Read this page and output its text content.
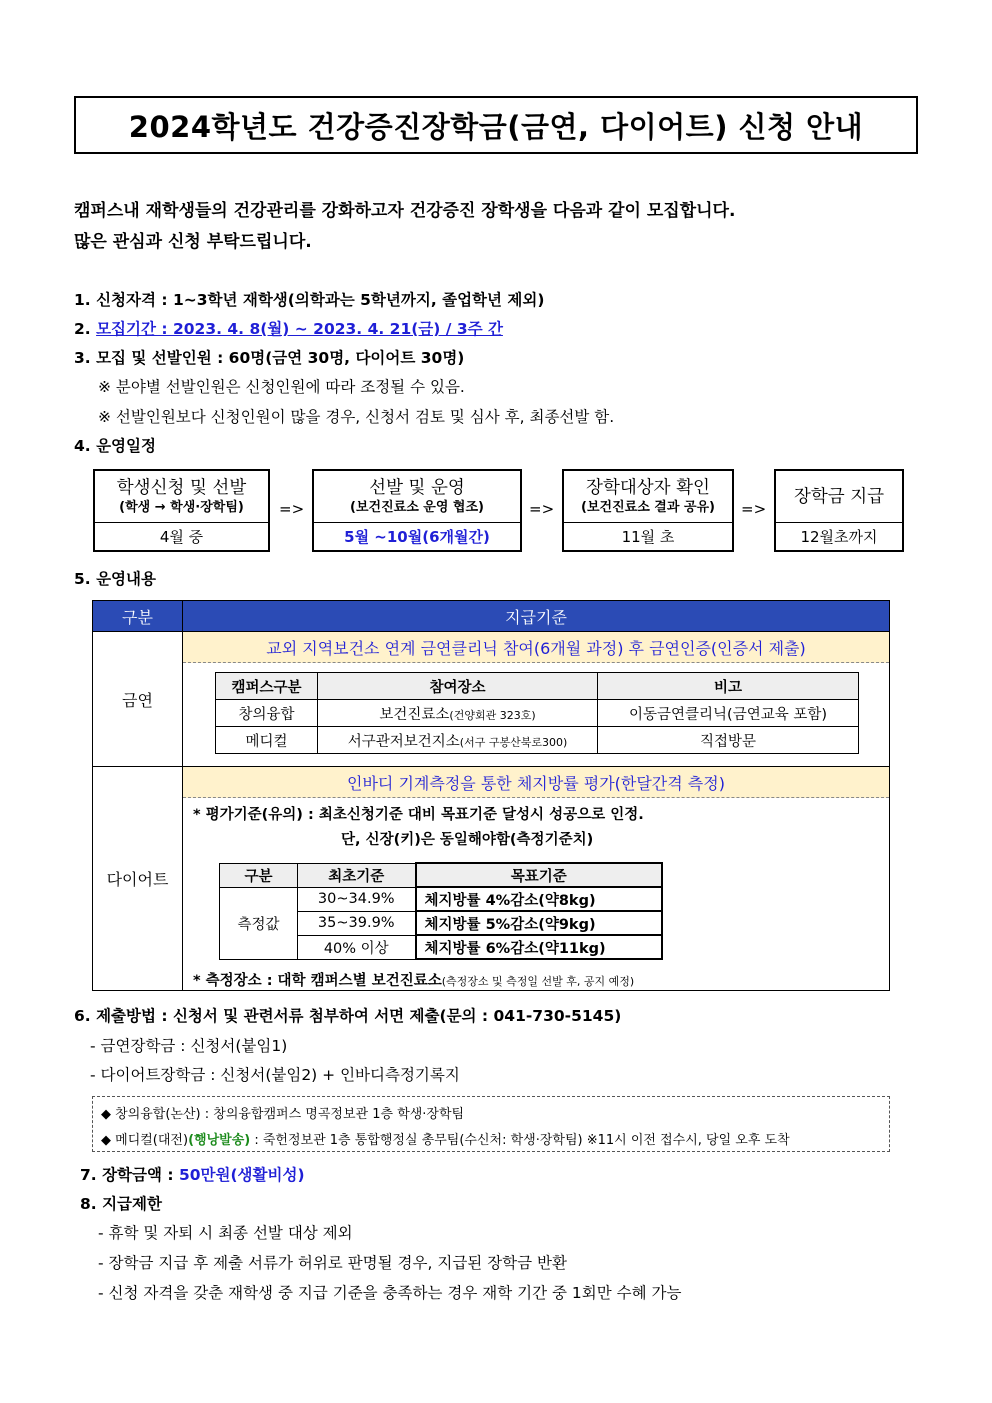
2024학년도 건강증진장학금(금연, 다이어트) 신청 안내
캠퍼스내 재학생들의 건강관리를 강화하고자 건강증진 장학생을 다음과 같이 모집합니다.
많은 관심과 신청 부탁드립니다.
1. 신청자격 : 1~3학년 재학생(의학과는 5학년까지, 졸업학년 제외)
2. 모집기간 : 2023. 4. 8(월) ~ 2023. 4. 21(금) / 3주 간
3. 모집 및 선발인원 : 60명(금연 30명, 다이어트 30명)
※ 분야별 선발인원은 신청인원에 따라 조정될 수 있음.
※ 선발인원보다 신청인원이 많을 경우, 신청서 검토 및 심사 후, 최종선발 함.
4. 운영일정
학생신청 및 선발
(학생 → 학생·장학팀)
4월 중
=>
선발 및 운영
(보건진료소 운영 협조)
5월 ~10월(6개월간)
=>
장학대상자 확인
(보건진료소 결과 공유)
11월 초
=>
장학금 지급
12월초까지
5. 운영내용
구분	지급기준
금연	
교외 지역보건소 연계 금연클리닉 참여(6개월 과정) 후 금연인증(인증서 제출)
캠퍼스구분	참여장소	비고
창의융합	보건진료소(건양회관 323호)	이동금연클리닉(금연교육 포함)
메디컬	서구관저보건지소(서구 구봉산북로300)	직접방문

다이어트	
인바디 기계측정을 통한 체지방률 평가(한달간격 측정)
* 평가기준(유의) : 최초신청기준 대비 목표기준 달성시 성공으로 인정.
단, 신장(키)은 동일해야함(측정기준치)
구분	최초기준	목표기준
측정값	30~34.9%	체지방률 4%감소(약8kg)
35~39.9%	체지방률 5%감소(약9kg)
40% 이상	체지방률 6%감소(약11kg)
* 측정장소 : 대학 캠퍼스별 보건진료소(측정장소 및 측정일 선발 후, 공지 예정)
6. 제출방법 : 신청서 및 관련서류 첨부하여 서면 제출(문의 : 041-730-5145)
- 금연장학금 : 신청서(붙임1)
- 다이어트장학금 : 신청서(붙임2) + 인바디측정기록지
◆ 창의융합(논산) : 창의융합캠퍼스 명곡정보관 1층 학생·장학팀
◆ 메디컬(대전)(행낭발송) : 죽헌정보관 1층 통합행정실 총무팀(수신처: 학생·장학팀) ※11시 이전 접수시, 당일 오후 도착
7. 장학금액 : 50만원(생활비성)
8. 지급제한
- 휴학 및 자퇴 시 최종 선발 대상 제외
- 장학금 지급 후 제출 서류가 허위로 판명될 경우, 지급된 장학금 반환
- 신청 자격을 갖춘 재학생 중 지급 기준을 충족하는 경우 재학 기간 중 1회만 수혜 가능
